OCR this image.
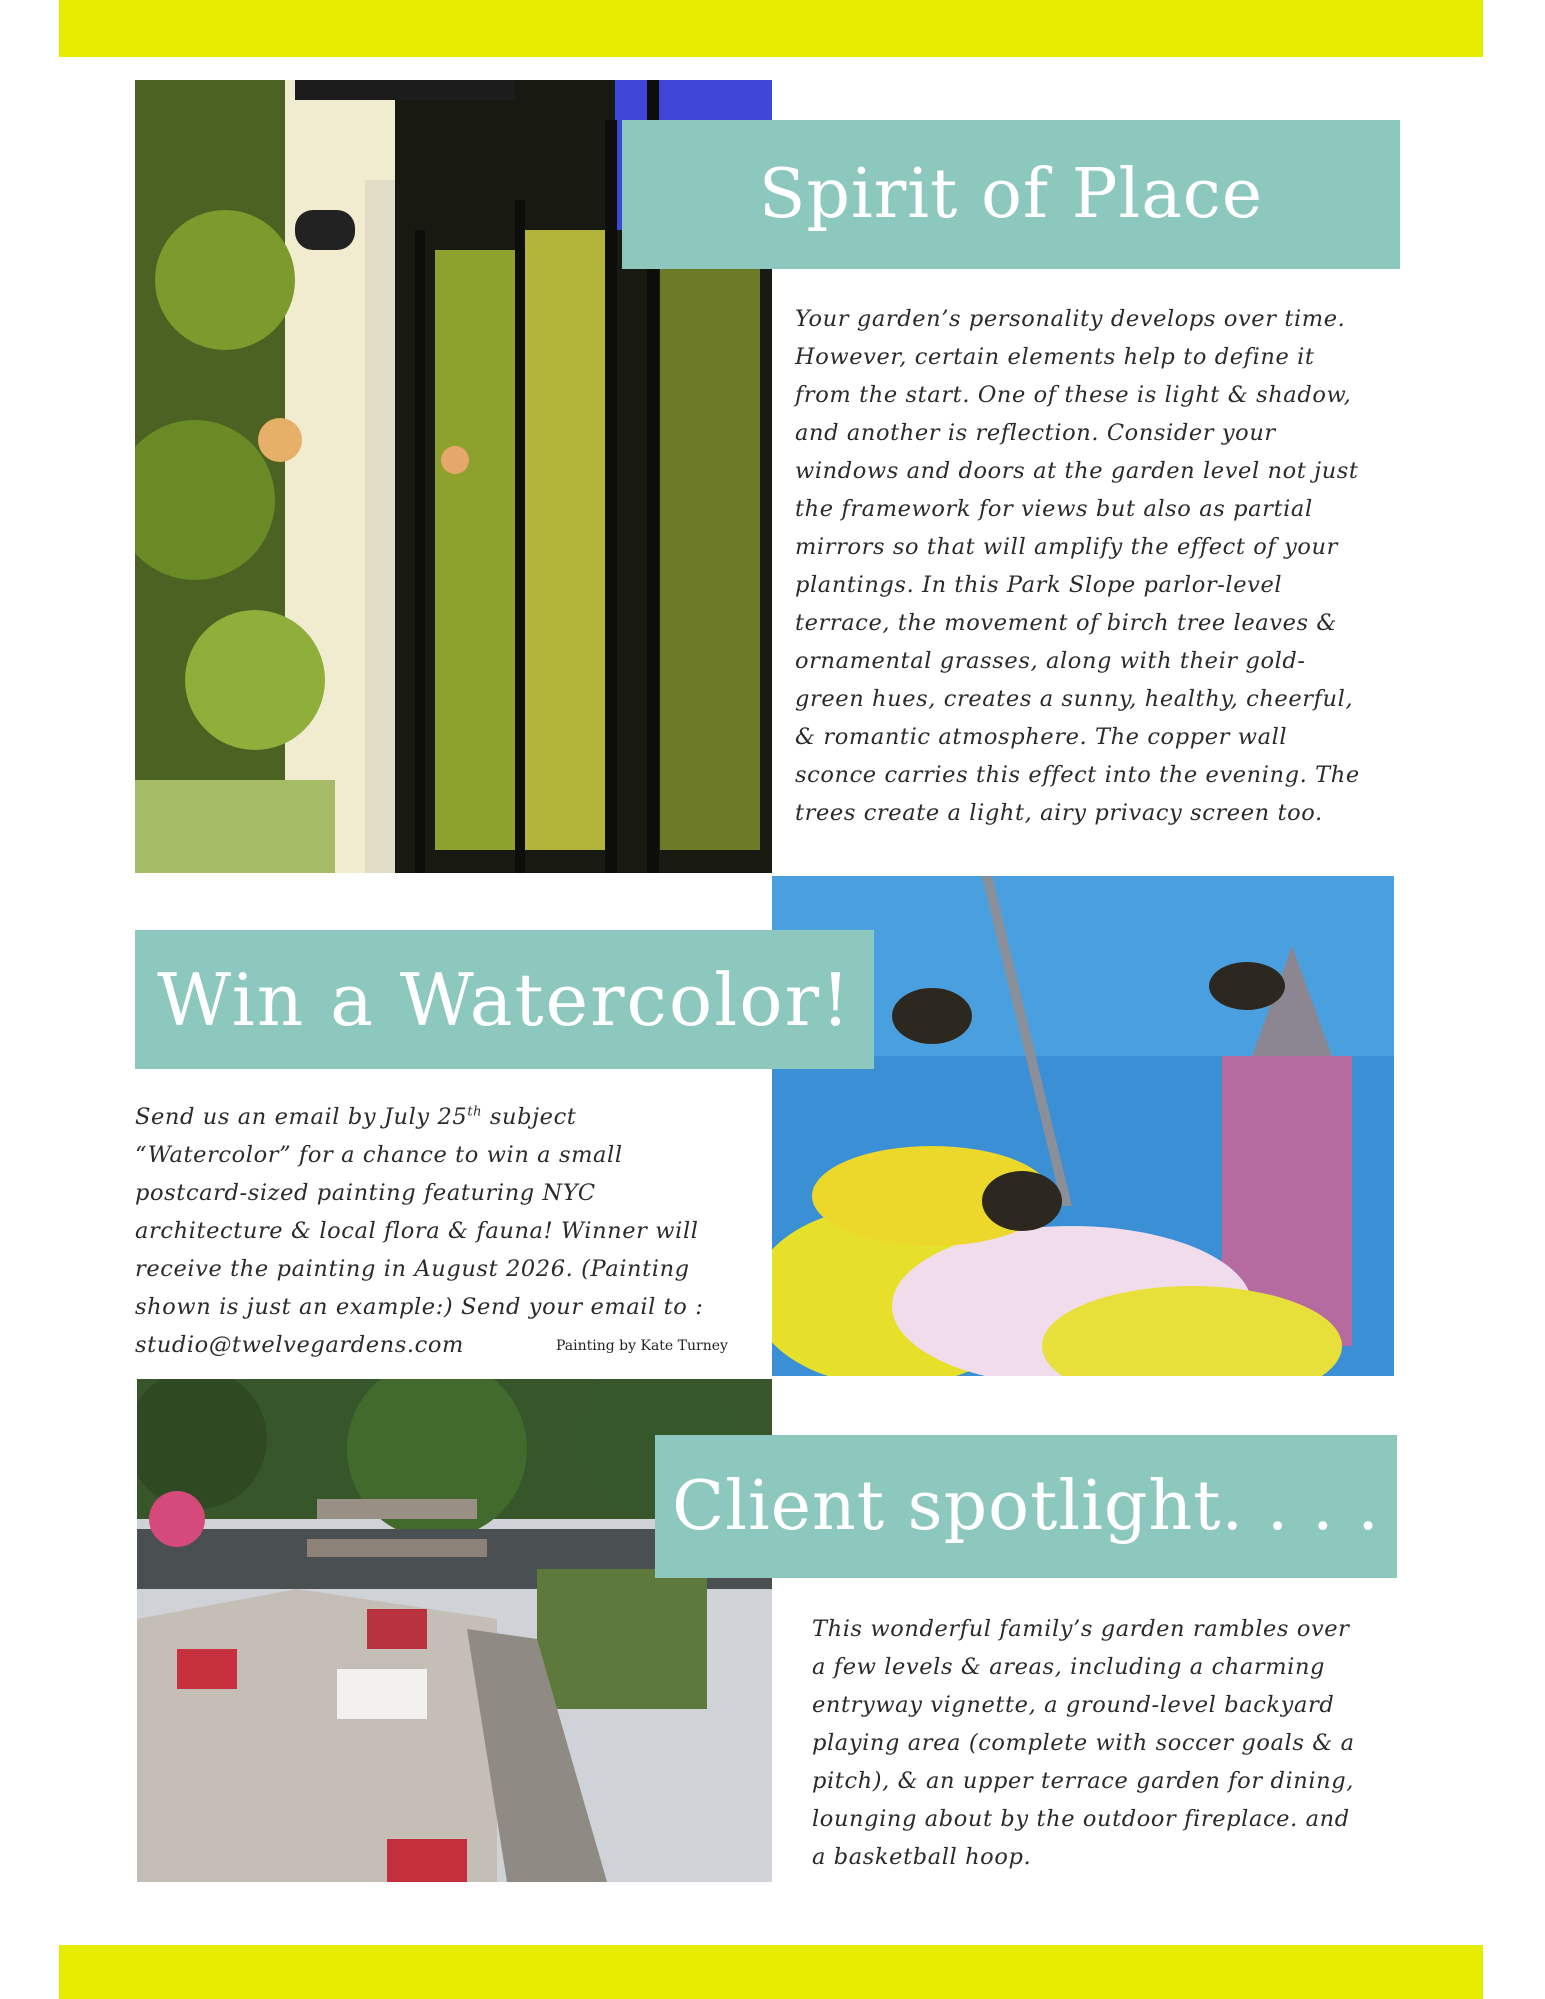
Spirit of Place
Your garden’s personality develops over time.
However, certain elements help to define it
from the start. One of these is light & shadow,
and another is reflection. Consider your
windows and doors at the garden level not just
the framework for views but also as partial
mirrors so that will amplify the effect of your
plantings. In this Park Slope parlor-level
terrace, the movement of birch tree leaves &
ornamental grasses, along with their gold-
green hues, creates a sunny, healthy, cheerful,
& romantic atmosphere. The copper wall
sconce carries this effect into the evening. The
trees create a light, airy privacy screen too.
Win a Watercolor!
Send us an email by July 25th subject
“Watercolor” for a chance to win a small
postcard-sized painting featuring NYC
architecture & local flora & fauna! Winner will
receive the painting in August 2026. (Painting
shown is just an example:) Send your email to :
studio@twelvegardens.com	Painting by Kate Turney
Client spotlight. . . .
This wonderful family’s garden rambles over
a few levels & areas, including a charming
entryway vignette, a ground-level backyard
playing area (complete with soccer goals & a
pitch), & an upper terrace garden for dining,
lounging about by the outdoor fireplace. and
a basketball hoop.
